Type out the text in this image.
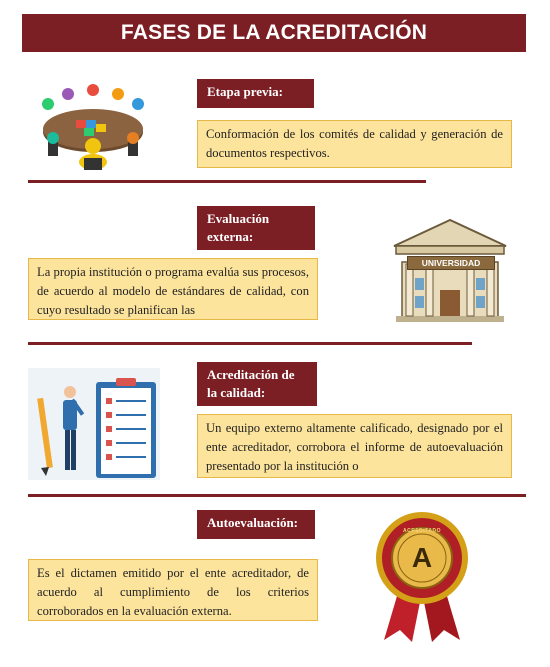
FASES DE LA ACREDITACIÓN
Etapa previa:
Conformación de los comités de calidad y generación de documentos respectivos.
Evaluación externa:
La propia institución o programa evalúa sus procesos, de acuerdo al modelo de estándares de calidad, con cuyo resultado se planifican las
UNIVERSIDAD
Acreditación de la calidad:
Un equipo externo altamente calificado, designado por el ente acreditador, corrobora el informe de autoevaluación presentado por la institución o
Autoevaluación:
Es el dictamen emitido por el ente acreditador, de acuerdo al cumplimiento de los criterios corroborados en la evaluación externa.
ACREDITADO
A
